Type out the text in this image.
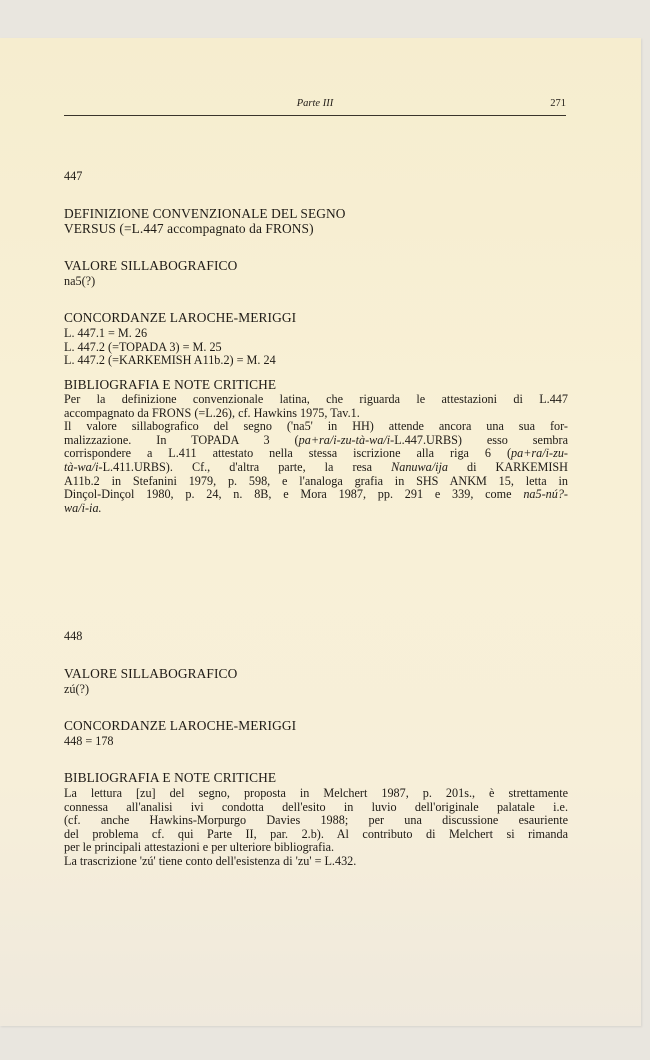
Parte III	271
447
DEFINIZIONE CONVENZIONALE DEL SEGNO
VERSUS (=L.447 accompagnato da FRONS)
VALORE SILLABOGRAFICO
na5(?)
CONCORDANZE LAROCHE-MERIGGI
L. 447.1 = M. 26
L. 447.2 (=TOPADA 3) = M. 25
L. 447.2 (=KARKEMISH A11b.2) = M. 24
BIBLIOGRAFIA E NOTE CRITICHE
Per la definizione convenzionale latina, che riguarda le attestazioni di L.447
accompagnato da FRONS (=L.26), cf. Hawkins 1975, Tav.1.
Il valore sillabografico del segno ('na5' in HH) attende ancora una sua for-
malizzazione. In TOPADA 3 (pa+ra/i-zu-tà-wa/i-L.447.URBS) esso sembra
corrispondere a L.411 attestato nella stessa iscrizione alla riga 6 (pa+ra/i-zu-
tà-wa/i-L.411.URBS). Cf., d'altra parte, la resa Nanuwa/ija di KARKEMISH
A11b.2 in Stefanini 1979, p. 598, e l'analoga grafia in SHS ANKM 15, letta in
Dinçol-Dinçol 1980, p. 24, n. 8B, e Mora 1987, pp. 291 e 339, come na5-nú?-
wa/i-ia.
448
VALORE SILLABOGRAFICO
zú(?)
CONCORDANZE LAROCHE-MERIGGI
448 = 178
BIBLIOGRAFIA E NOTE CRITICHE
La lettura [zu] del segno, proposta in Melchert 1987, p. 201s., è strettamente
connessa all'analisi ivi condotta dell'esito in luvio dell'originale palatale i.e.
(cf. anche Hawkins-Morpurgo Davies 1988; per una discussione esauriente
del problema cf. qui Parte II, par. 2.b). Al contributo di Melchert si rimanda
per le principali attestazioni e per ulteriore bibliografia.
La trascrizione 'zú' tiene conto dell'esistenza di 'zu' = L.432.
